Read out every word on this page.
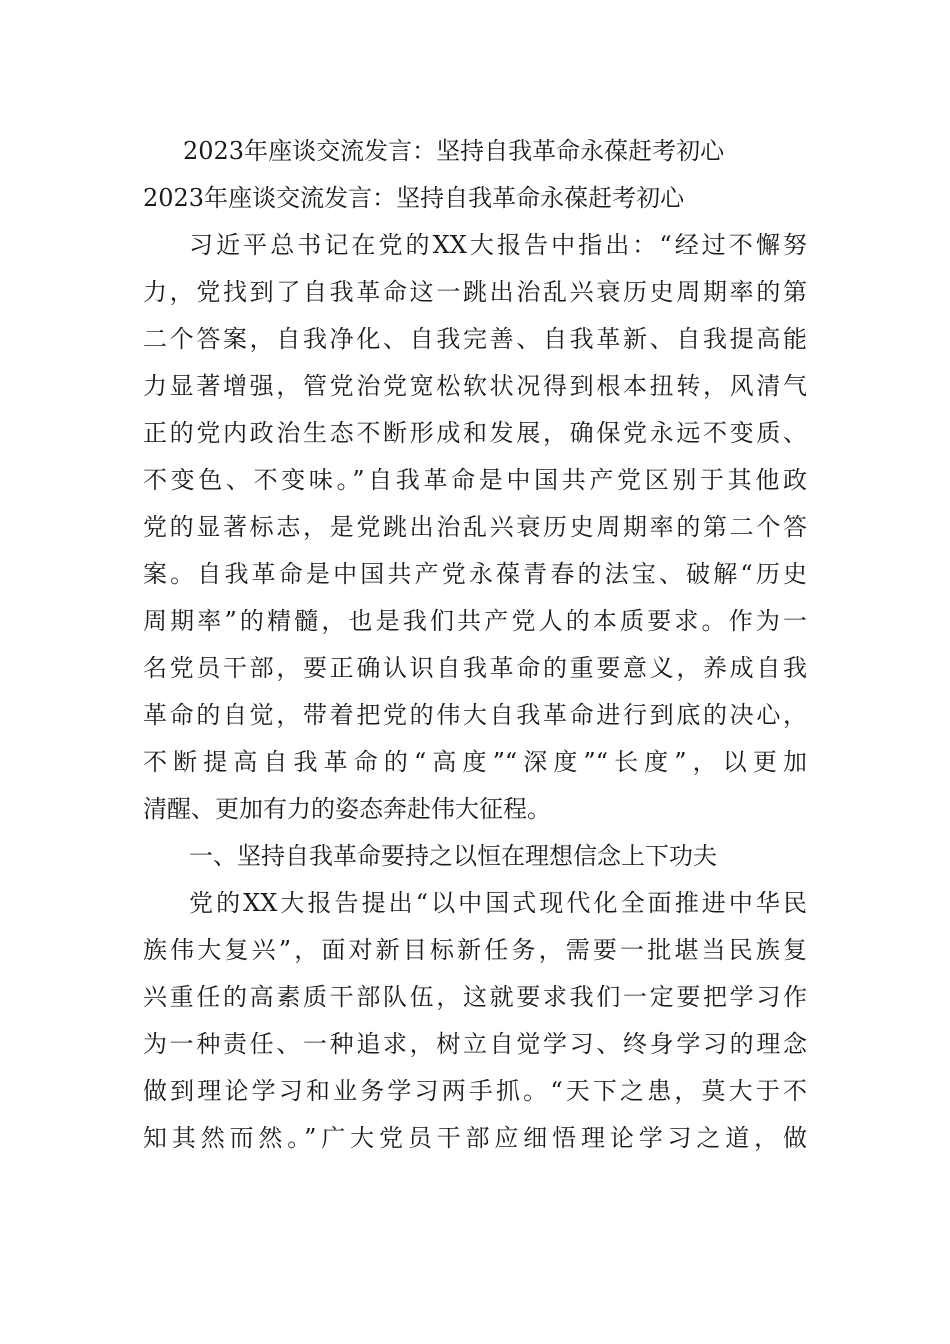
2023年座谈交流发言：坚持自我革命永葆赶考初心
2023年座谈交流发言：坚持自我革命永葆赶考初心
习近平总书记在党的XX大报告中指出：“经过不懈努
力，党找到了自我革命这一跳出治乱兴衰历史周期率的第
二个答案，自我净化、自我完善、自我革新、自我提高能
力显著增强，管党治党宽松软状况得到根本扭转，风清气
正的党内政治生态不断形成和发展，确保党永远不变质、
不变色、不变味。”自我革命是中国共产党区别于其他政
党的显著标志，是党跳出治乱兴衰历史周期率的第二个答
案。自我革命是中国共产党永葆青春的法宝、破解“历史
周期率”的精髓，也是我们共产党人的本质要求。作为一
名党员干部，要正确认识自我革命的重要意义，养成自我
革命的自觉，带着把党的伟大自我革命进行到底的决心，
不断提高自我革命的“高度”“深度”“长度”，以更加
清醒、更加有力的姿态奔赴伟大征程。
一、坚持自我革命要持之以恒在理想信念上下功夫
党的XX大报告提出“以中国式现代化全面推进中华民
族伟大复兴”，面对新目标新任务，需要一批堪当民族复
兴重任的高素质干部队伍，这就要求我们一定要把学习作
为一种责任、一种追求，树立自觉学习、终身学习的理念
做到理论学习和业务学习两手抓。“天下之患，莫大于不
知其然而然。”广大党员干部应细悟理论学习之道，做
